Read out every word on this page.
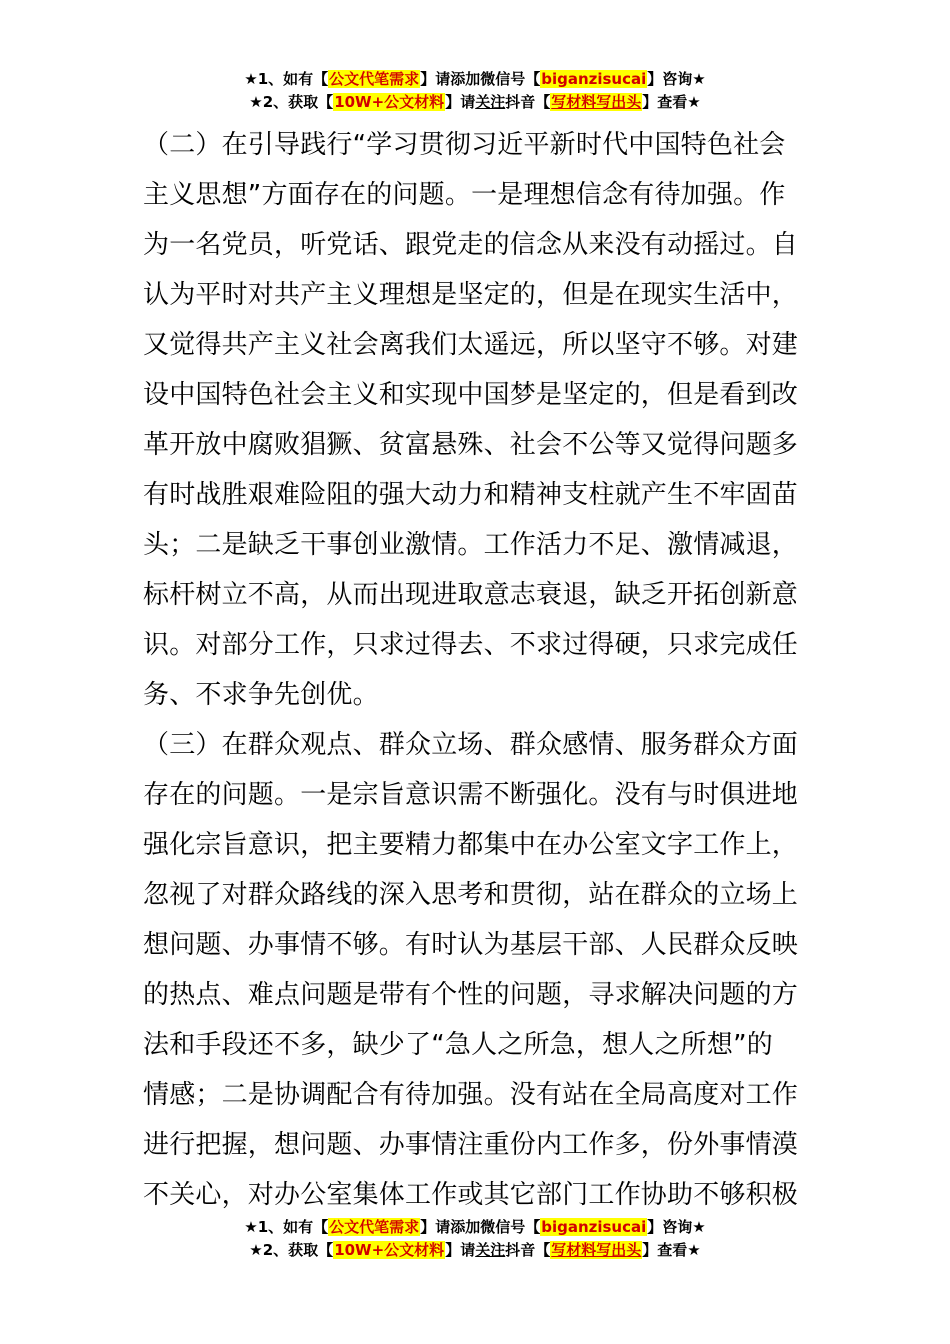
★1、如有【公文代笔需求】请添加微信号【biganzisucai】咨询★
★2、获取【10W+公文材料】请关注抖音【写材料写出头】查看★
（二）在引导践行“学习贯彻习近平新时代中国特色社会
主义思想”方面存在的问题。一是理想信念有待加强。作
为一名党员，听党话、跟党走的信念从来没有动摇过。自
认为平时对共产主义理想是坚定的，但是在现实生活中，
又觉得共产主义社会离我们太遥远，所以坚守不够。对建
设中国特色社会主义和实现中国梦是坚定的，但是看到改
革开放中腐败猖獗、贫富悬殊、社会不公等又觉得问题多
有时战胜艰难险阻的强大动力和精神支柱就产生不牢固苗
头；二是缺乏干事创业激情。工作活力不足、激情减退，
标杆树立不高，从而出现进取意志衰退，缺乏开拓创新意
识。对部分工作，只求过得去、不求过得硬，只求完成任
务、不求争先创优。
（三）在群众观点、群众立场、群众感情、服务群众方面
存在的问题。一是宗旨意识需不断强化。没有与时俱进地
强化宗旨意识，把主要精力都集中在办公室文字工作上，
忽视了对群众路线的深入思考和贯彻，站在群众的立场上
想问题、办事情不够。有时认为基层干部、人民群众反映
的热点、难点问题是带有个性的问题，寻求解决问题的方
法和手段还不多，缺少了“急人之所急，想人之所想”的
情感；二是协调配合有待加强。没有站在全局高度对工作
进行把握，想问题、办事情注重份内工作多，份外事情漠
不关心，对办公室集体工作或其它部门工作协助不够积极
★1、如有【公文代笔需求】请添加微信号【biganzisucai】咨询★
★2、获取【10W+公文材料】请关注抖音【写材料写出头】查看★
